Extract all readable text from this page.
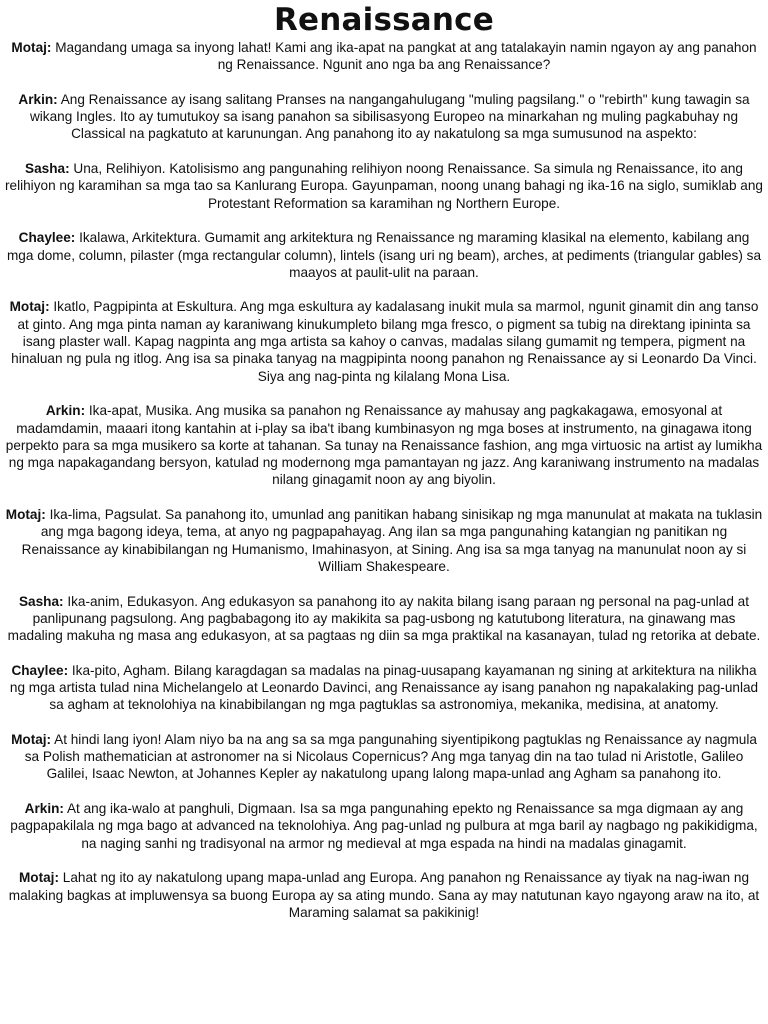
Renaissance

Motaj: Magandang umaga sa inyong lahat! Kami ang ika-apat na pangkat at ang tatalakayin namin ngayon ay ang panahon ng Renaissance. Ngunit ano nga ba ang Renaissance?

Arkin: Ang Renaissance ay isang salitang Pranses na nangangahulugang "muling pagsilang." o "rebirth" kung tawagin sa wikang Ingles. Ito ay tumutukoy sa isang panahon sa sibilisasyong Europeo na minarkahan ng muling pagkabuhay ng Classical na pagkatuto at karunungan. Ang panahong ito ay nakatulong sa mga sumusunod na aspekto:

Sasha: Una, Relihiyon. Katolisismo ang pangunahing relihiyon noong Renaissance. Sa simula ng Renaissance, ito ang relihiyon ng karamihan sa mga tao sa Kanlurang Europa. Gayunpaman, noong unang bahagi ng ika-16 na siglo, sumiklab ang Protestant Reformation sa karamihan ng Northern Europe.

Chaylee: Ikalawa, Arkitektura. Gumamit ang arkitektura ng Renaissance ng maraming klasikal na elemento, kabilang ang mga dome, column, pilaster (mga rectangular column), lintels (isang uri ng beam), arches, at pediments (triangular gables) sa maayos at paulit-ulit na paraan.

Motaj: Ikatlo, Pagpipinta at Eskultura. Ang mga eskultura ay kadalasang inukit mula sa marmol, ngunit ginamit din ang tanso at ginto. Ang mga pinta naman ay karaniwang kinukumpleto bilang mga fresco, o pigment sa tubig na direktang ipininta sa isang plaster wall. Kapag nagpinta ang mga artista sa kahoy o canvas, madalas silang gumamit ng tempera, pigment na hinaluan ng pula ng itlog. Ang isa sa pinaka tanyag na magpipinta noong panahon ng Renaissance ay si Leonardo Da Vinci. Siya ang nag-pinta ng kilalang Mona Lisa.

Arkin: Ika-apat, Musika. Ang musika sa panahon ng Renaissance ay mahusay ang pagkakagawa, emosyonal at madamdamin, maaari itong kantahin at i-play sa iba't ibang kumbinasyon ng mga boses at instrumento, na ginagawa itong perpekto para sa mga musikero sa korte at tahanan. Sa tunay na Renaissance fashion, ang mga virtuosic na artist ay lumikha ng mga napakagandang bersyon, katulad ng modernong mga pamantayan ng jazz. Ang karaniwang instrumento na madalas nilang ginagamit noon ay ang biyolin.

Motaj: Ika-lima, Pagsulat. Sa panahong ito, umunlad ang panitikan habang sinisikap ng mga manunulat at makata na tuklasin ang mga bagong ideya, tema, at anyo ng pagpapahayag. Ang ilan sa mga pangunahing katangian ng panitikan ng Renaissance ay kinabibilangan ng Humanismo, Imahinasyon, at Sining. Ang isa sa mga tanyag na manunulat noon ay si William Shakespeare.

Sasha: Ika-anim, Edukasyon. Ang edukasyon sa panahong ito ay nakita bilang isang paraan ng personal na pag-unlad at panlipunang pagsulong. Ang pagbabagong ito ay makikita sa pag-usbong ng katutubong literatura, na ginawang mas madaling makuha ng masa ang edukasyon, at sa pagtaas ng diin sa mga praktikal na kasanayan, tulad ng retorika at debate.

Chaylee: Ika-pito, Agham. Bilang karagdagan sa madalas na pinag-uusapang kayamanan ng sining at arkitektura na nilikha ng mga artista tulad nina Michelangelo at Leonardo Davinci, ang Renaissance ay isang panahon ng napakalaking pag-unlad sa agham at teknolohiya na kinabibilangan ng mga pagtuklas sa astronomiya, mekanika, medisina, at anatomy.

Motaj: At hindi lang iyon! Alam niyo ba na ang sa sa mga pangunahing siyentipikong pagtuklas ng Renaissance ay nagmula sa Polish mathematician at astronomer na si Nicolaus Copernicus? Ang mga tanyag din na tao tulad ni Aristotle, Galileo Galilei, Isaac Newton, at Johannes Kepler ay nakatulong upang lalong mapa-unlad ang Agham sa panahong ito.

Arkin: At ang ika-walo at panghuli, Digmaan. Isa sa mga pangunahing epekto ng Renaissance sa mga digmaan ay ang pagpapakilala ng mga bago at advanced na teknolohiya. Ang pag-unlad ng pulbura at mga baril ay nagbago ng pakikidigma, na naging sanhi ng tradisyonal na armor ng medieval at mga espada na hindi na madalas ginagamit.

Motaj: Lahat ng ito ay nakatulong upang mapa-unlad ang Europa. Ang panahon ng Renaissance ay tiyak na nag-iwan ng malaking bagkas at impluwensya sa buong Europa ay sa ating mundo. Sana ay may natutunan kayo ngayong araw na ito, at Maraming salamat sa pakikinig!
